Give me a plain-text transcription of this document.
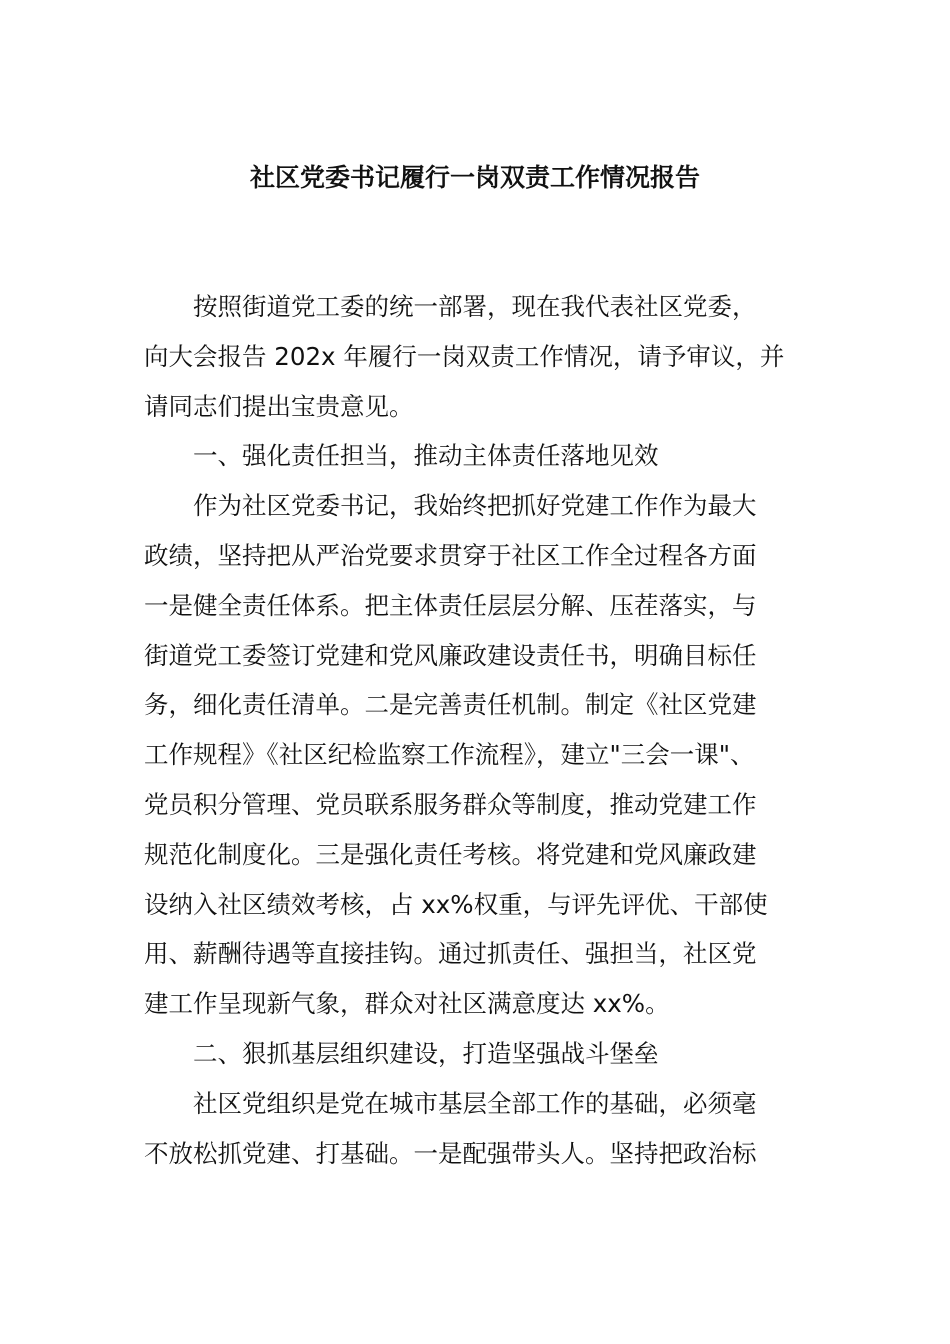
社区党委书记履行一岗双责工作情况报告
按照街道党工委的统一部署，现在我代表社区党委，
向大会报告 202x 年履行一岗双责工作情况，请予审议，并
请同志们提出宝贵意见。
一、强化责任担当，推动主体责任落地见效
作为社区党委书记，我始终把抓好党建工作作为最大
政绩，坚持把从严治党要求贯穿于社区工作全过程各方面
一是健全责任体系。把主体责任层层分解、压茬落实，与
街道党工委签订党建和党风廉政建设责任书，明确目标任
务，细化责任清单。二是完善责任机制。制定《社区党建
工作规程》《社区纪检监察工作流程》，建立"三会一课"、
党员积分管理、党员联系服务群众等制度，推动党建工作
规范化制度化。三是强化责任考核。将党建和党风廉政建
设纳入社区绩效考核，占 xx%权重，与评先评优、干部使
用、薪酬待遇等直接挂钩。通过抓责任、强担当，社区党
建工作呈现新气象，群众对社区满意度达 xx%。
二、狠抓基层组织建设，打造坚强战斗堡垒
社区党组织是党在城市基层全部工作的基础，必须毫
不放松抓党建、打基础。一是配强带头人。坚持把政治标
